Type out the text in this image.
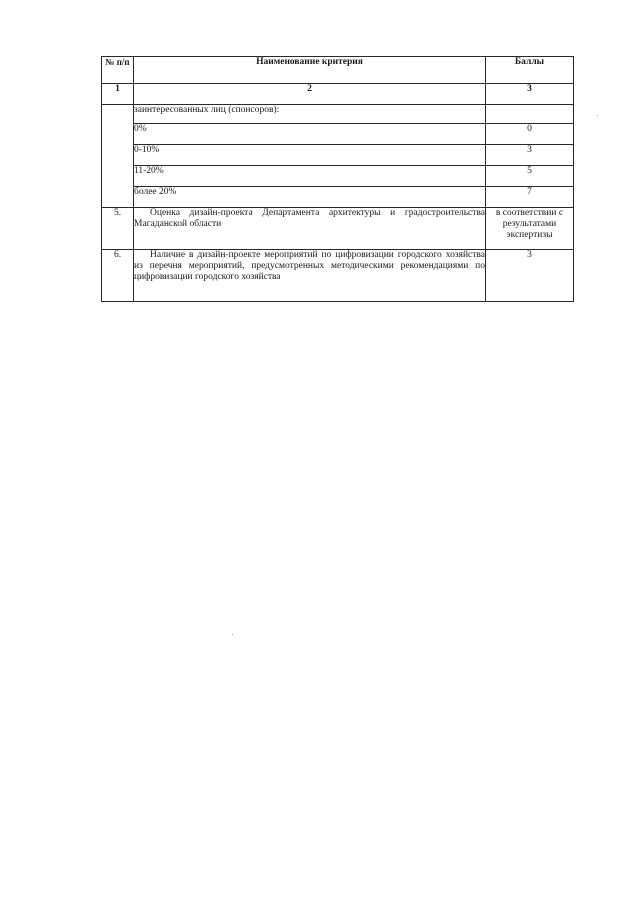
№ п/п	Наименование критерия	Баллы
1	2	3
	заинтересованных лиц (спонсоров):	
	0%	0
	0-10%	3
	11-20%	5
	более 20%	7
5.	Оценка дизайн-проекта Департамента архитектуры и градостроительства Магаданской области	в соответствии с результатами экспертизы
6.	Наличие в дизайн-проекте мероприятий по цифровизации городского хозяйства из перечня мероприятий, предусмотренных методическими рекомендациями по цифровизации городского хозяйства	3
